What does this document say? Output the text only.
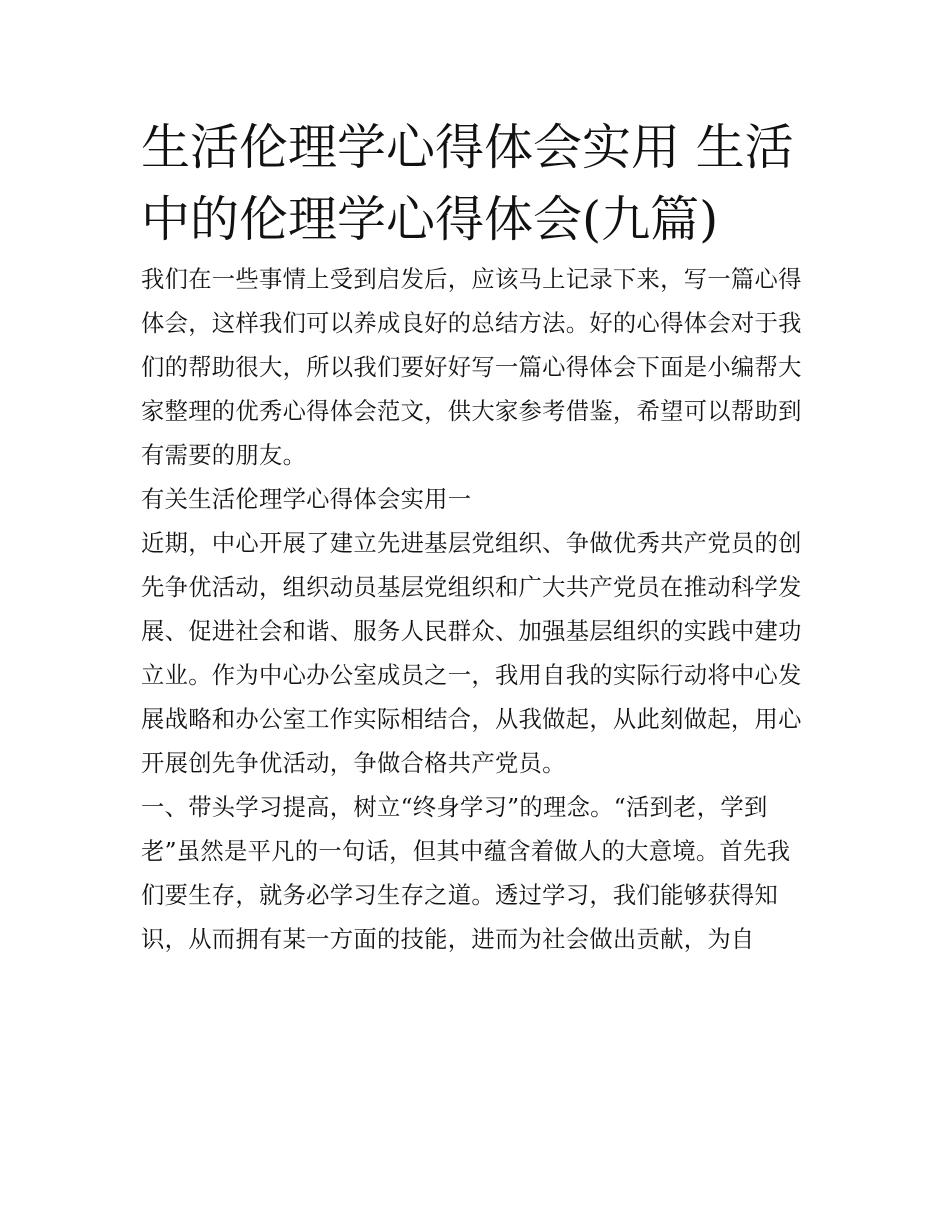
生活伦理学心得体会实用 生活中的伦理学心得体会(九篇)

我们在一些事情上受到启发后，应该马上记录下来，写一篇心得体会，这样我们可以养成良好的总结方法。好的心得体会对于我们的帮助很大，所以我们要好好写一篇心得体会下面是小编帮大家整理的优秀心得体会范文，供大家参考借鉴，希望可以帮助到有需要的朋友。

有关生活伦理学心得体会实用一

近期，中心开展了建立先进基层党组织、争做优秀共产党员的创先争优活动，组织动员基层党组织和广大共产党员在推动科学发展、促进社会和谐、服务人民群众、加强基层组织的实践中建功立业。作为中心办公室成员之一，我用自我的实际行动将中心发展战略和办公室工作实际相结合，从我做起，从此刻做起，用心开展创先争优活动，争做合格共产党员。

一、带头学习提高，树立“终身学习”的理念。“活到老，学到老”虽然是平凡的一句话，但其中蕴含着做人的大意境。首先我们要生存，就务必学习生存之道。透过学习，我们能够获得知识，从而拥有某一方面的技能，进而为社会做出贡献，为自
